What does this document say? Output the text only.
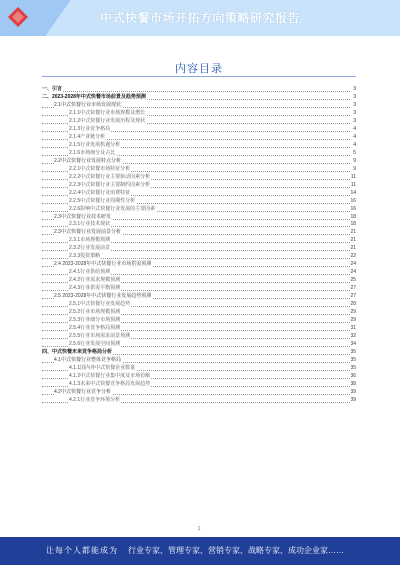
中式快餐市场开拓方向策略研究报告
内容目录
一、引言	3
二、2023-2028年中式快餐市场前景及趋势预测	3
2.1中式快餐行业市场发展现状	3
2.1.1中式快餐行业市场规模及增长	3
2.1.2中式快餐行业发展历程及现状	3
2.1.3行业竞争格局	4
2.1.4产业链分析	4
2.1.5行业发展机遇分析	4
2.1.6市场细分及占比	5
2.2中式快餐行业发展特点分析	9
2.2.1中式快餐市场特征分析	9
2.2.2中式快餐行业主要驱动因素分析	11
2.2.3中式快餐行业主要制约因素分析	11
2.2.4中式快餐行业消费特征	14
2.2.5中式快餐行业周期性分析	16
2.2.6影响中式快餐行业发展的主要因素	16
2.3中式快餐行业技术研发	18
2.3.1行业技术现状	18
2.3中式快餐行业发展前景分析	21
2.3.1市场规模预测	21
2.3.2行业发展前景	21
2.3.3投资策略	22
2.4 2023-2028年中式快餐行业市场供需预测	24
2.4.1行业供给预测	24
2.4.2行业需求规模预测	25
2.4.3行业供需平衡预测	27
2.5 2023-2028年中式快餐行业发展趋势预测	27
2.5.1中式快餐行业发展趋势	28
2.5.2行业市场规模预测	29
2.5.3行业细分市场预测	29
2.5.4行业竞争格局预测	31
2.5.5行业市场需求前景预测	32
2.5.6行业发展空间预测	34
四、中式快餐未来竞争格局分析	35
4.1中式快餐行业整体竞争格局	35
4.1.1国内外中式快餐企业数量	35
4.1.2中式快餐行业集中度及市场份额	36
4.1.3未来中式快餐竞争格局发展趋势	38
4.2中式快餐行业竞争分析	39
4.2.1行业竞争环境分析	39
1
让每个人都能成为 行业专家、管理专家、营销专家、战略专家、成功企业家……
